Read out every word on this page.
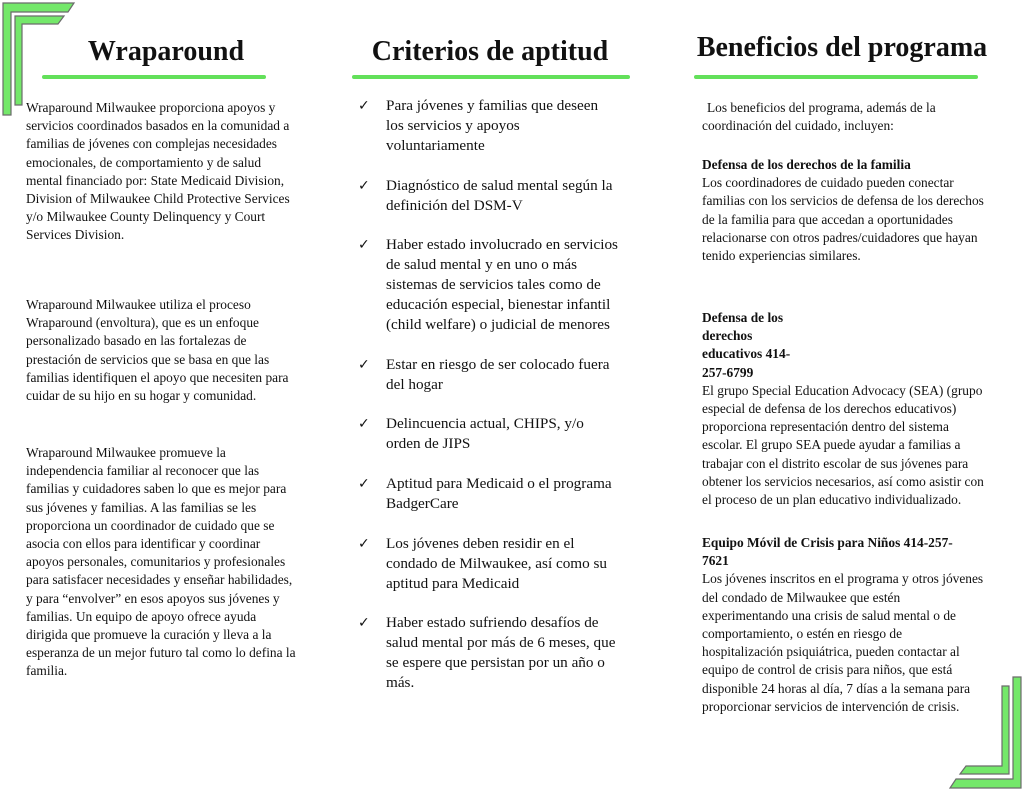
Wraparound

Wraparound Milwaukee proporciona apoyos y servicios coordinados basados en la comunidad a familias de jóvenes con complejas necesidades emocionales, de comportamiento y de salud mental financiado por: State Medicaid Division, Division of Milwaukee Child Protective Services y/o Milwaukee County Delinquency y Court Services Division.

Wraparound Milwaukee utiliza el proceso Wraparound (envoltura), que es un enfoque personalizado basado en las fortalezas de prestación de servicios que se basa en que las familias identifiquen el apoyo que necesiten para cuidar de su hijo en su hogar y comunidad.

Wraparound Milwaukee promueve la independencia familiar al reconocer que las familias y cuidadores saben lo que es mejor para sus jóvenes y familias. A las familias se les proporciona un coordinador de cuidado que se asocia con ellos para identificar y coordinar apoyos personales, comunitarios y profesionales para satisfacer necesidades y enseñar habilidades, y para “envolver” en esos apoyos sus jóvenes y familias. Un equipo de apoyo ofrece ayuda dirigida que promueve la curación y lleva a la esperanza de un mejor futuro tal como lo defina la familia.

Criterios de aptitud
✓ Para jóvenes y familias que deseen los servicios y apoyos voluntariamente
✓ Diagnóstico de salud mental según la definición del DSM-V
✓ Haber estado involucrado en servicios de salud mental y en uno o más sistemas de servicios tales como de educación especial, bienestar infantil (child welfare) o judicial de menores
✓ Estar en riesgo de ser colocado fuera del hogar
✓ Delincuencia actual, CHIPS, y/o orden de JIPS
✓ Aptitud para Medicaid o el programa BadgerCare
✓ Los jóvenes deben residir en el condado de Milwaukee, así como su aptitud para Medicaid
✓ Haber estado sufriendo desafíos de salud mental por más de 6 meses, que se espere que persistan por un año o más.
Beneficios del programa

Los beneficios del programa, además de la coordinación del cuidado, incluyen:

Defensa de los derechos de la familia
Los coordinadores de cuidado pueden conectar familias con los servicios de defensa de los derechos de la familia para que accedan a oportunidades relacionarse con otros padres/cuidadores que hayan tenido experiencias similares.

Defensa de los derechos educativos 414-257-6799
El grupo Special Education Advocacy (SEA) (grupo especial de defensa de los derechos educativos) proporciona representación dentro del sistema escolar. El grupo SEA puede ayudar a familias a trabajar con el distrito escolar de sus jóvenes para obtener los servicios necesarios, así como asistir con el proceso de un plan educativo individualizado.

Equipo Móvil de Crisis para Niños 414-257-7621
Los jóvenes inscritos en el programa y otros jóvenes del condado de Milwaukee que estén experimentando una crisis de salud mental o de comportamiento, o estén en riesgo de hospitalización psiquiátrica, pueden contactar al equipo de control de crisis para niños, que está disponible 24 horas al día, 7 días a la semana para proporcionar servicios de intervención de crisis.
